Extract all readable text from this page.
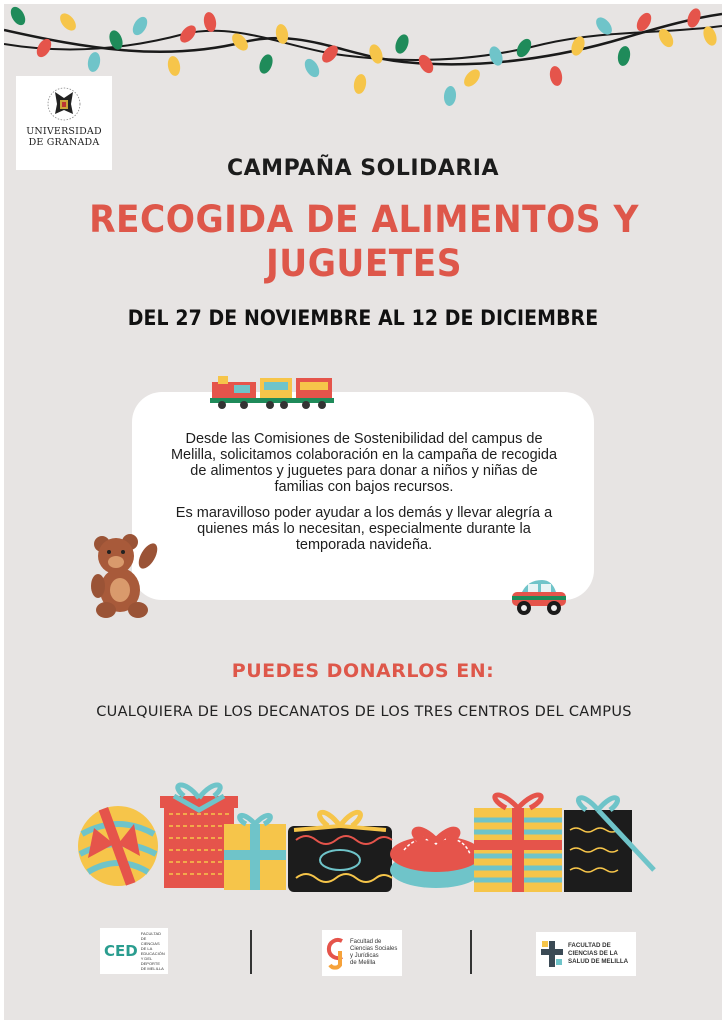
UNIVERSIDAD
DE GRANADA
CAMPAÑA SOLIDARIA
RECOGIDA DE ALIMENTOS Y
JUGUETES
DEL 27 DE NOVIEMBRE AL 12 DE DICIEMBRE
Desde las Comisiones de Sostenibilidad del campus de Melilla, solicitamos colaboración en la campaña de recogida de alimentos y juguetes para donar a niños y niñas de familias con bajos recursos.
Es maravilloso poder ayudar a los demás y llevar alegría a quienes más lo necesitan, especialmente durante la temporada navideña.
PUEDES DONARLOS EN:
CUALQUIERA DE LOS DECANATOS DE LOS TRES CENTROS DEL CAMPUS
CED
FACULTAD DE CIENCIAS DE LA EDUCACIÓN Y DEL DEPORTE DE MELILLA
Facultad de
Ciencias Sociales
y Jurídicas
de Melilla
FACULTAD DE
CIENCIAS DE LA
SALUD DE MELILLA
